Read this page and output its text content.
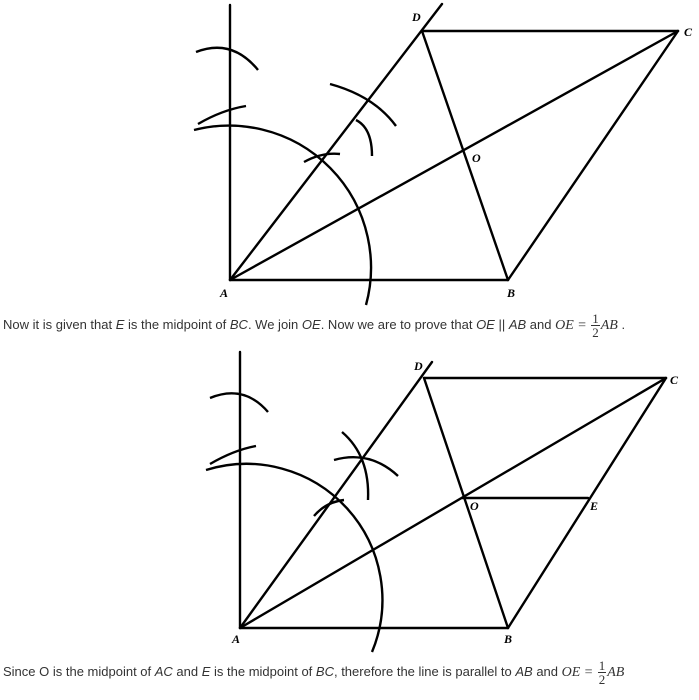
A	B
C
D
O
Now it is given that E is the midpoint of BC. We join OE. Now we are to prove that OE || AB and OE = $\frac{1}{2}$ AB .
A	B
C
D
O	E
Since O is the midpoint of AC and E is the midpoint of BC, therefore the line is parallel to AB and OE = $\frac{1}{2}$ AB
